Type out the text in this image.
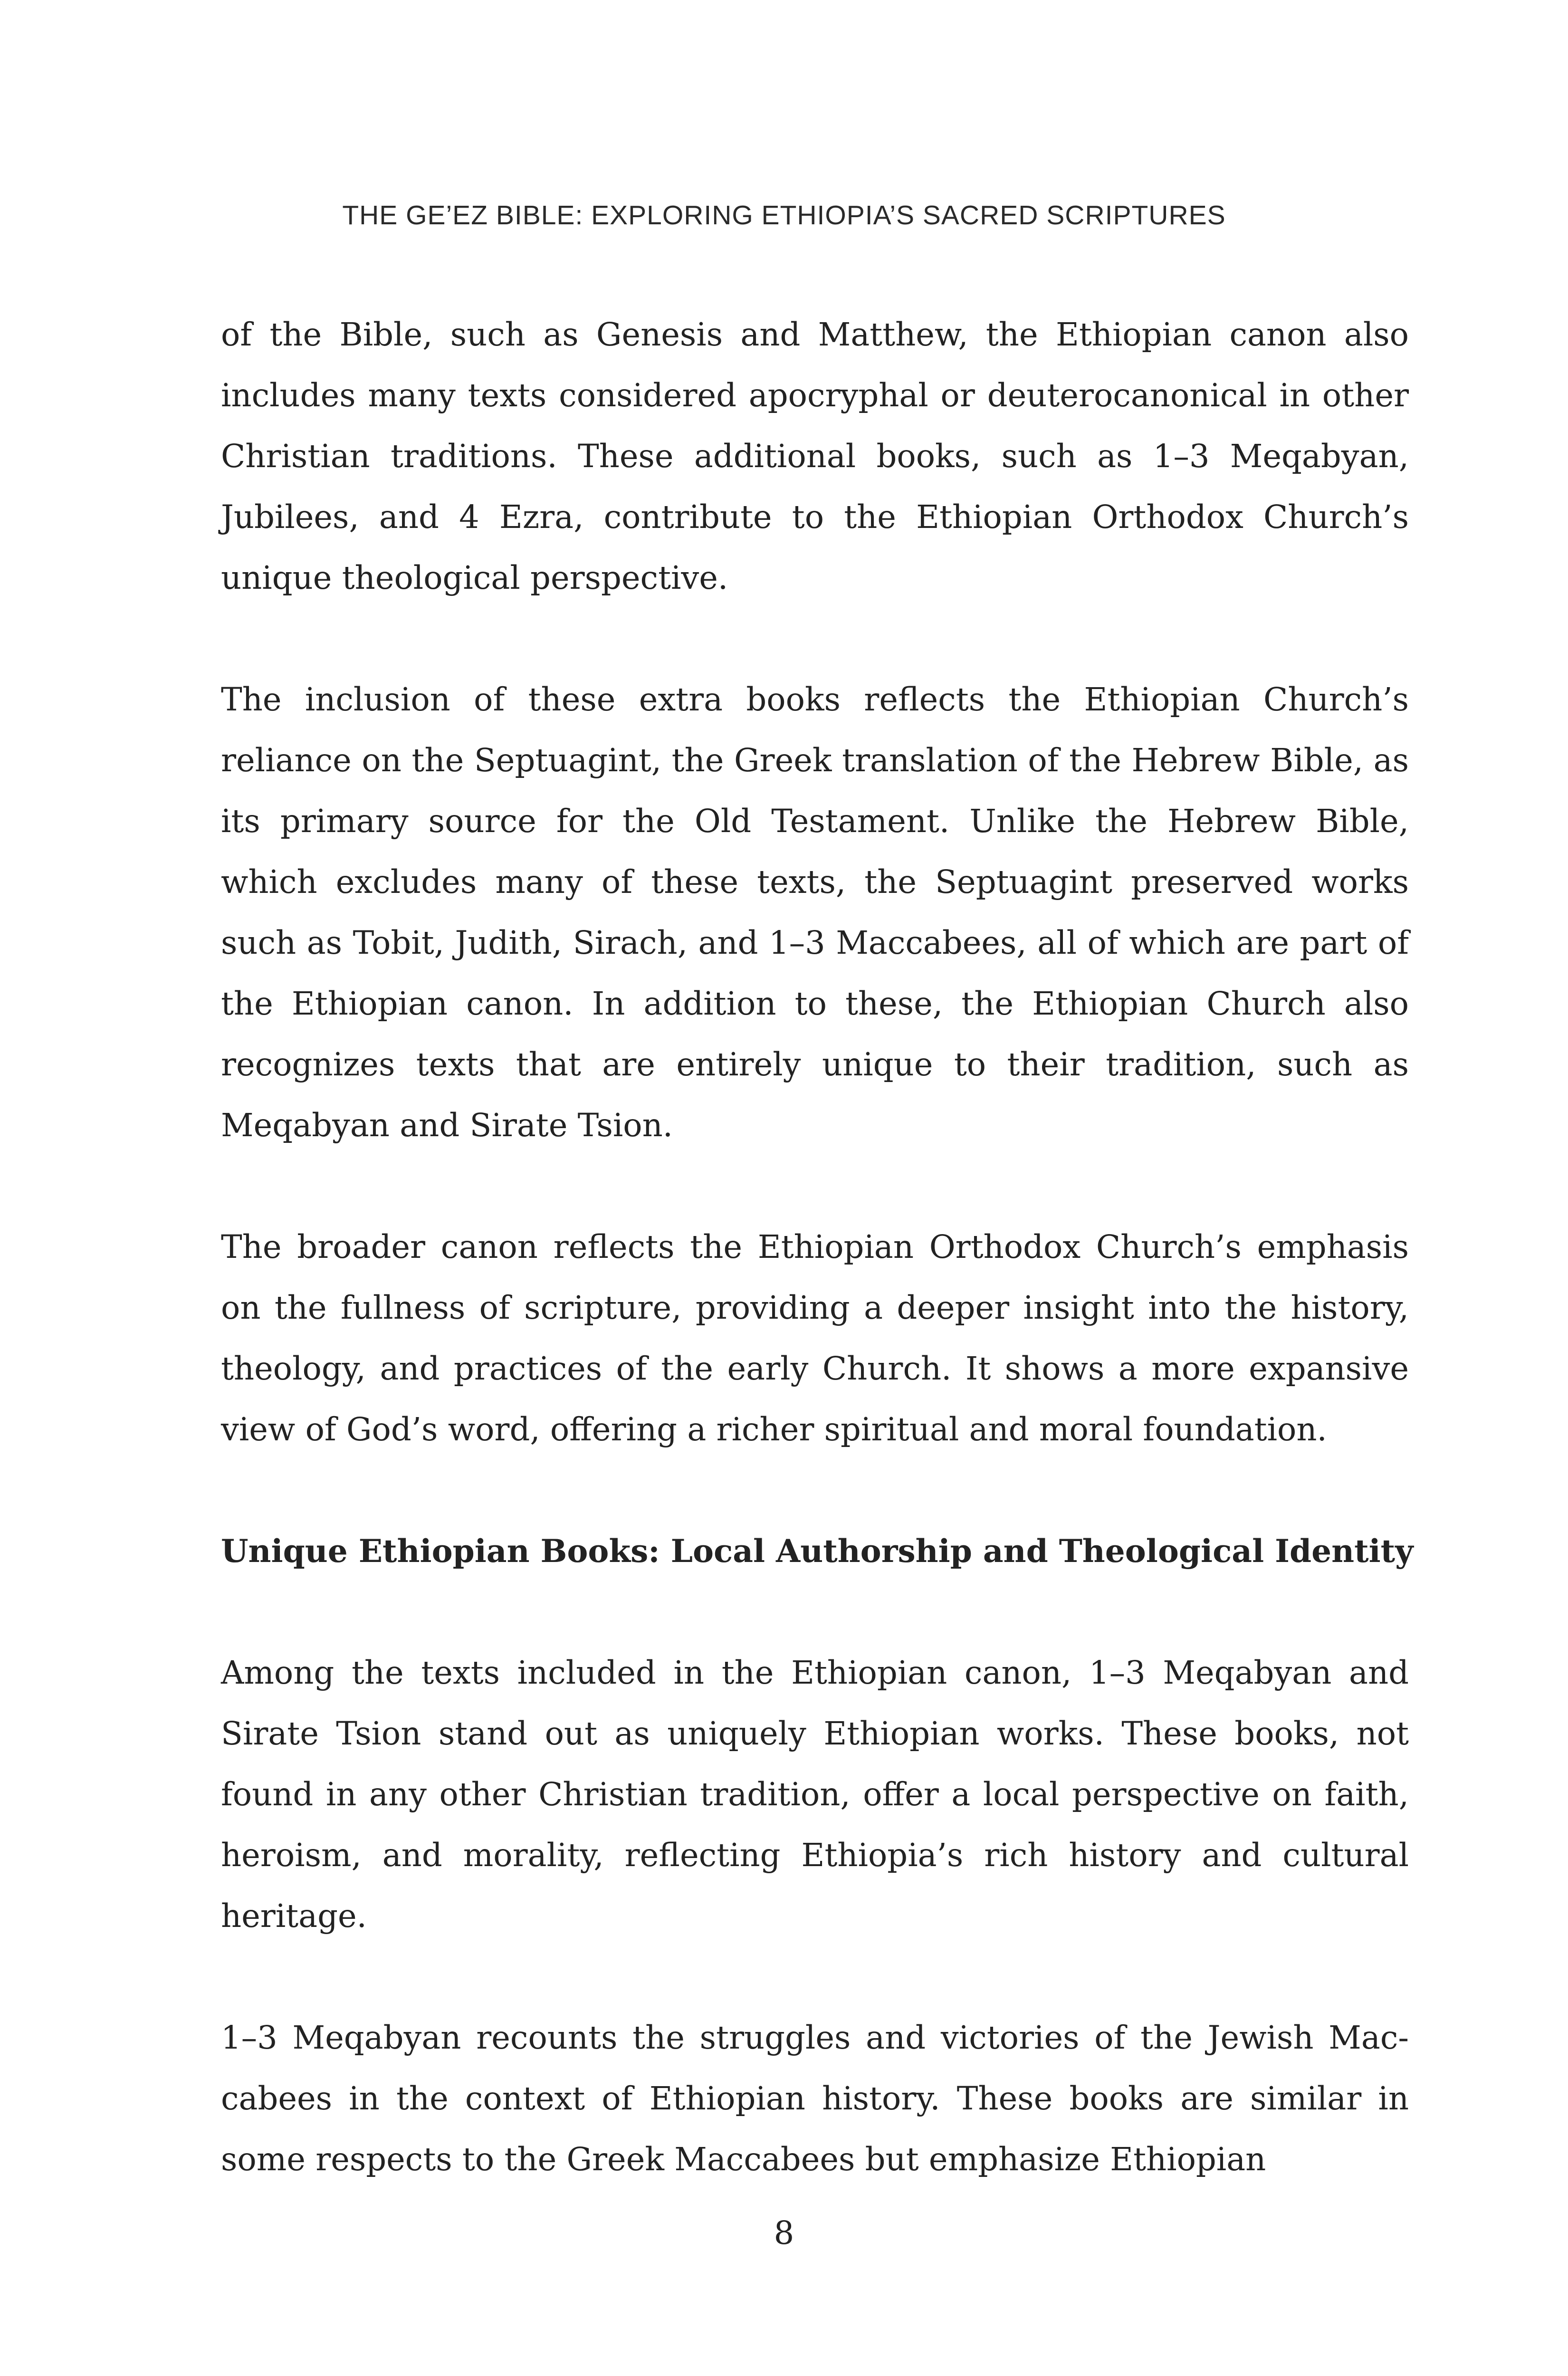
THE GE’EZ BIBLE: EXPLORING ETHIOPIA’S SACRED SCRIPTURES

of the Bible, such as Genesis and Matthew, the Ethiopian canon also includes many texts considered apocryphal or deuterocanonical in other Christian traditions. These additional books, such as 1–3 Meqabyan, Jubilees, and 4 Ezra, contribute to the Ethiopian Orthodox Church’s unique theological perspective.

The inclusion of these extra books reflects the Ethiopian Church’s reliance on the Septuagint, the Greek translation of the Hebrew Bible, as its primary source for the Old Testament. Unlike the Hebrew Bible, which excludes many of these texts, the Septuagint preserved works such as Tobit, Judith, Sirach, and 1–3 Maccabees, all of which are part of the Ethiopian canon. In addition to these, the Ethiopian Church also recognizes texts that are entirely unique to their tradition, such as Meqabyan and Sirate Tsion.

The broader canon reflects the Ethiopian Orthodox Church’s emphasis on the fullness of scripture, providing a deeper insight into the history, theology, and practices of the early Church. It shows a more expansive view of God’s word, offering a richer spiritual and moral foundation.

Unique Ethiopian Books: Local Authorship and Theological Identity

Among the texts included in the Ethiopian canon, 1–3 Meqabyan and Sirate Tsion stand out as uniquely Ethiopian works. These books, not found in any other Christian tradition, offer a local perspective on faith, heroism, and morality, reflecting Ethiopia’s rich history and cultural heritage.

1–3 Meqabyan recounts the struggles and victories of the Jewish Maccabees in the context of Ethiopian history. These books are similar in some respects to the Greek Maccabees but emphasize Ethiopian

8
